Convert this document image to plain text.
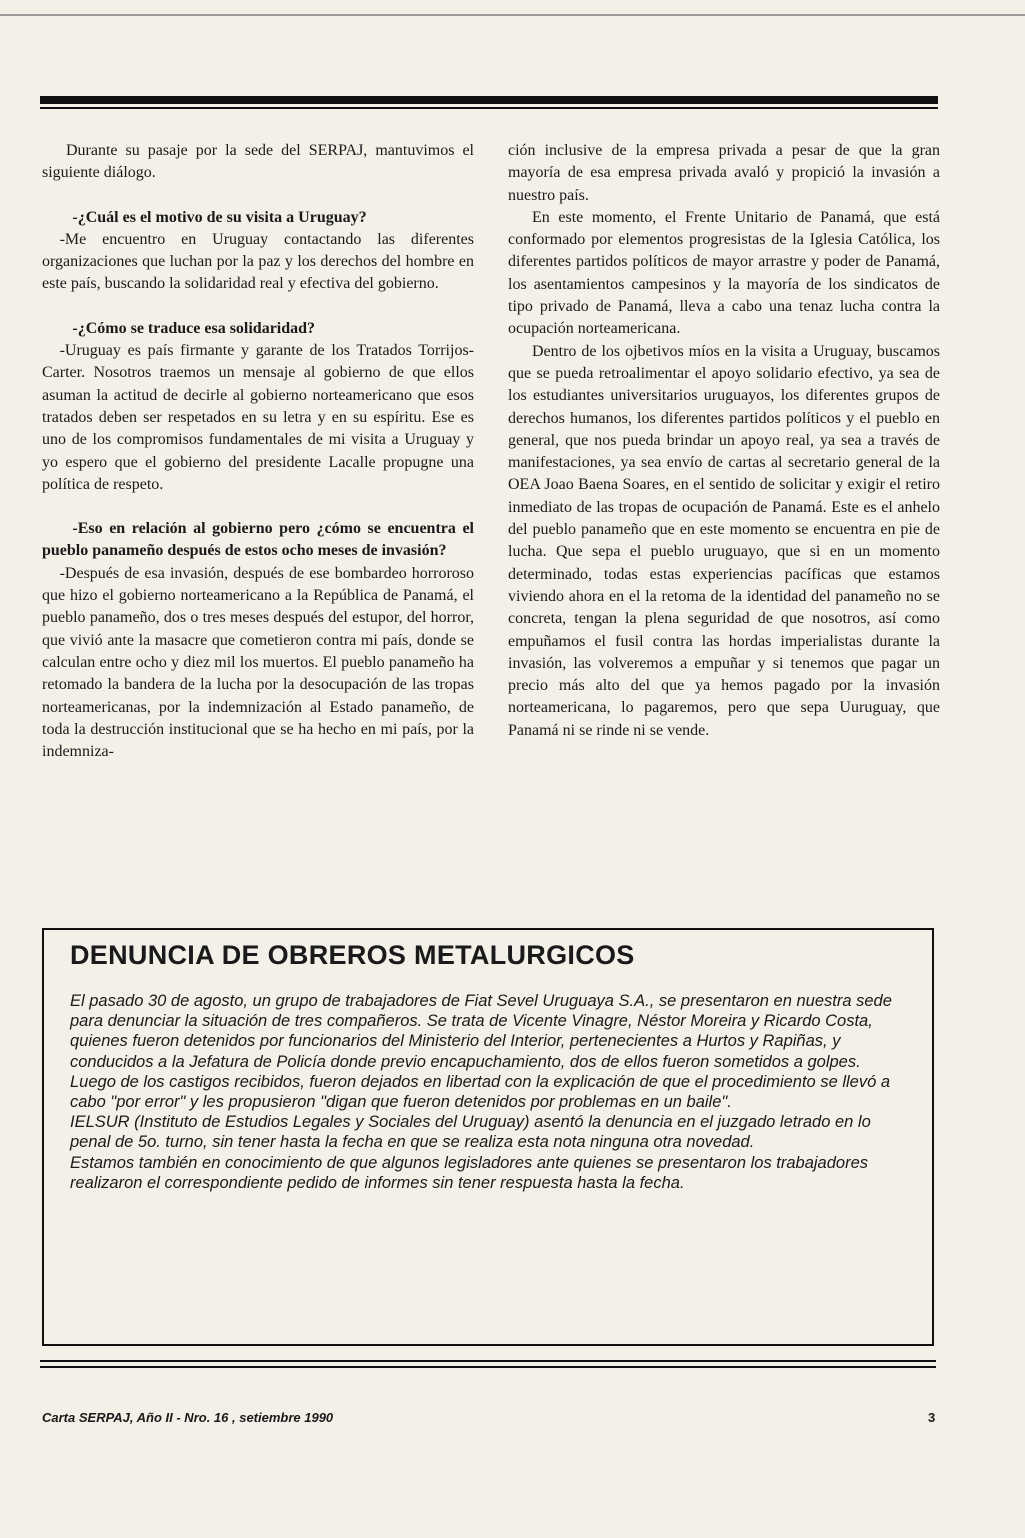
Durante su pasaje por la sede del SERPAJ, mantuvimos el siguiente diálogo.

-¿Cuál es el motivo de su visita a Uruguay?

-Me encuentro en Uruguay contactando las diferentes organizaciones que luchan por la paz y los derechos del hombre en este país, buscando la solidaridad real y efectiva del gobierno.

-¿Cómo se traduce esa solidaridad?

-Uruguay es país firmante y garante de los Tratados Torrijos-Carter. Nosotros traemos un mensaje al gobierno de que ellos asuman la actitud de decirle al gobierno norteamericano que esos tratados deben ser respetados en su letra y en su espíritu. Ese es uno de los compromisos fundamentales de mi visita a Uruguay y yo espero que el gobierno del presidente Lacalle propugne una política de respeto.

-Eso en relación al gobierno pero ¿cómo se encuentra el pueblo panameño después de estos ocho meses de invasión?

-Después de esa invasión, después de ese bombardeo horroroso que hizo el gobierno norteamericano a la República de Panamá, el pueblo panameño, dos o tres meses después del estupor, del horror, que vivió ante la masacre que cometieron contra mi país, donde se calculan entre ocho y diez mil los muertos. El pueblo panameño ha retomado la bandera de la lucha por la desocupación de las tropas norteamericanas, por la indemnización al Estado panameño, de toda la destrucción institucional que se ha hecho en mi país, por la indemniza-

ción inclusive de la empresa privada a pesar de que la gran mayoría de esa empresa privada avaló y propició la invasión a nuestro país.

En este momento, el Frente Unitario de Panamá, que está conformado por elementos progresistas de la Iglesia Católica, los diferentes partidos políticos de mayor arrastre y poder de Panamá, los asentamientos campesinos y la mayoría de los sindicatos de tipo privado de Panamá, lleva a cabo una tenaz lucha contra la ocupación norteamericana.

Dentro de los ojbetivos míos en la visita a Uruguay, buscamos que se pueda retroalimentar el apoyo solidario efectivo, ya sea de los estudiantes universitarios uruguayos, los diferentes grupos de derechos humanos, los diferentes partidos políticos y el pueblo en general, que nos pueda brindar un apoyo real, ya sea a través de manifestaciones, ya sea envío de cartas al secretario general de la OEA Joao Baena Soares, en el sentido de solicitar y exigir el retiro inmediato de las tropas de ocupación de Panamá. Este es el anhelo del pueblo panameño que en este momento se encuentra en pie de lucha. Que sepa el pueblo uruguayo, que si en un momento determinado, todas estas experiencias pacíficas que estamos viviendo ahora en el la retoma de la identidad del panameño no se concreta, tengan la plena seguridad de que nosotros, así como empuñamos el fusil contra las hordas imperialistas durante la invasión, las volveremos a empuñar y si tenemos que pagar un precio más alto del que ya hemos pagado por la invasión norteamericana, lo pagaremos, pero que sepa Uuruguay, que Panamá ni se rinde ni se vende.

DENUNCIA DE OBREROS METALURGICOS

El pasado 30 de agosto, un grupo de trabajadores de Fiat Sevel Uruguaya S.A., se presentaron en nuestra sede para denunciar la situación de tres compañeros. Se trata de Vicente Vinagre, Néstor Moreira y Ricardo Costa, quienes fueron detenidos por funcionarios del Ministerio del Interior, pertenecientes a Hurtos y Rapiñas, y conducidos a la Jefatura de Policía donde previo encapuchamiento, dos de ellos fueron sometidos a golpes.

Luego de los castigos recibidos, fueron dejados en libertad con la explicación de que el procedimiento se llevó a cabo "por error" y les propusieron "digan que fueron detenidos por problemas en un baile".

IELSUR (Instituto de Estudios Legales y Sociales del Uruguay) asentó la denuncia en el juzgado letrado en lo penal de 5o. turno, sin tener hasta la fecha en que se realiza esta nota ninguna otra novedad.

Estamos también en conocimiento de que algunos legisladores ante quienes se presentaron los trabajadores realizaron el correspondiente pedido de informes sin tener respuesta hasta la fecha.

Carta SERPAJ, Año II - Nro. 16 , setiembre 1990	3
